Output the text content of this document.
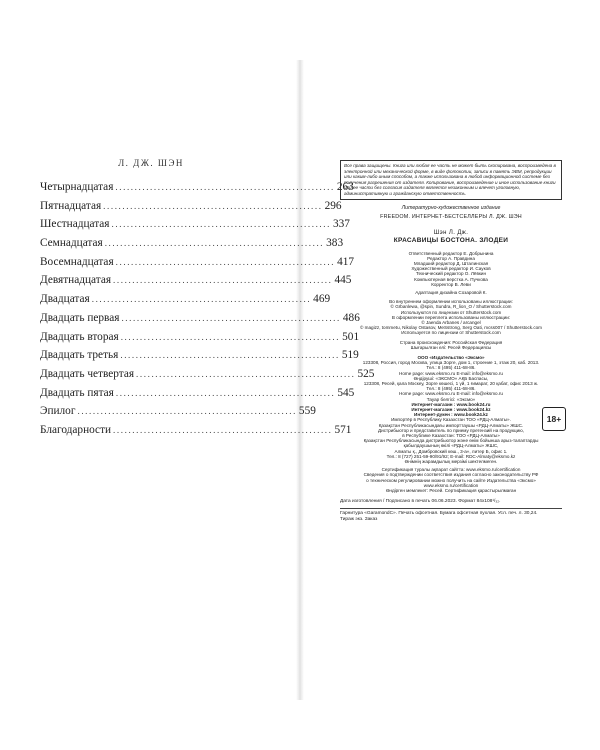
Л. ДЖ. ШЭН
Четырнадцатая ......................................................... 263
Пятнадцатая ......................................................... 296
Шестнадцатая ......................................................... 337
Семнадцатая ......................................................... 383
Восемнадцатая ......................................................... 417
Девятнадцатая ......................................................... 445
Двадцатая ......................................................... 469
Двадцать первая ......................................................... 486
Двадцать вторая ......................................................... 501
Двадцать третья ......................................................... 519
Двадцать четвертая ......................................................... 525
Двадцать пятая ......................................................... 545
Эпилог ......................................................... 559
Благодарности ......................................................... 571
Все права защищены. Книга или любая ее часть не может быть скопирована, воспроизведена в электронной или механической форме, в виде фотокопии, записи в память ЭВМ, репродукции или каким-либо иным способом, а также использована в любой информационной системе без получения разрешения от издателя. Копирование, воспроизведение и иное использование книги или ее части без согласия издателя является незаконным и влечет уголовную, административную и гражданскую ответственность.
Литературно-художественное издание
FREEDOM. ИНТЕРНЕТ-БЕСТСЕЛЛЕРЫ Л. ДЖ. ШЭН
Шэн Л. Дж.
КРАСАВИЦЫ БОСТОНА. ЗЛОДЕИ
Ответственный редактор Е. Добрынина
Редактор А. Правдина
Младший редактор Д. Шталинская
Художественный редактор И. Сауков
Технический редактор О. Лёвкин
Компьютерная верстка А. Пучкова
Корректор В. Леви
Адаптация дизайна Созаровой К.
Во внутреннем оформлении использованы иллюстрации:
© Grbanlewa, @spin, Sundra, R_lion_O / Shutterstock.com
Используются по лицензии от Shutterstock.com
В оформлении переплета использованы иллюстрации:
© Jaenda Arbanes / arcangel
© magizz, tommetu, Nikolay Ostasov, MeSstrong, Serg Oati, mcss007 / Shutterstock.com
Используется по лицензии от Shutterstock.com
Страна происхождения: Российская Федерация
Шығарылған елі: Ресей Федерациясы
ООО «Издательство «Эксмо»
123308, Россия, город Москва, улица Зорге, дом 1, строение 1, этаж 20, каб. 2013.
Тел.: 8 (495) 411-68-86.
Home page: www.eksmo.ru E-mail: info@eksmo.ru
Өндіруші: «ЭКСМО» АҚБ Баспасы,
123308, Ресей, қала Мәскеу, Зорге көшесі, 1 үй, 1 ғимарат, 20 қабат, офис 2013 ж.
Тел.: 8 (495) 411-68-86.
Home page: www.eksmo.ru E-mail: info@eksmo.ru
Тауар белгісі: «Эксмо»
Интернет-магазин : www.book24.ru
Интернет-магазин : www.book24.kz
Интернет-дүкен : www.book24.kz
Импортёр в Республику Казахстан ТОО «РДЦ-Алматы».
Қазақстан Республикасындағы импорттаушы «РДЦ-Алматы» ЖШС.
Дистрибьютор и представитель по приему претензий на продукцию,
в Республике Казахстан: ТОО «РДЦ-Алматы»
Қазақстан Республикасында дистрибьютор және өнім бойынша арыз-талаптарды
қабылдаушының өкілі «РДЦ-Алматы» ЖШС,
Алматы қ., Домбровский көш., 3-а», литер Б, офис 1.
Тел.: 8 (727) 251-59-90/91/92; E-mail: RDC-Almaty@eksmo.kz
Өнімнің жарамдылық мерзімі шектелмеген.
18+
Сертификация туралы ақпарат сайтта: www.eksmo.ru/certification
Сведения о подтверждении соответствия издания согласно законодательству РФ
о техническом регулировании можно получить на сайте Издательства «Эксмо»
www.eksmo.ru/certification
Өндірген мемлекет: Ресей. Сертификация қарастырылмаған
Дата изготовления / Подписано в печать 06.06.2023. Формат 84x108¹/₃₂.
Гарнитура «GaramondC». Печать офсетная. Бумага офсетная пухлая. Усл. печ. л. 30,24.
Тираж экз. Заказ
